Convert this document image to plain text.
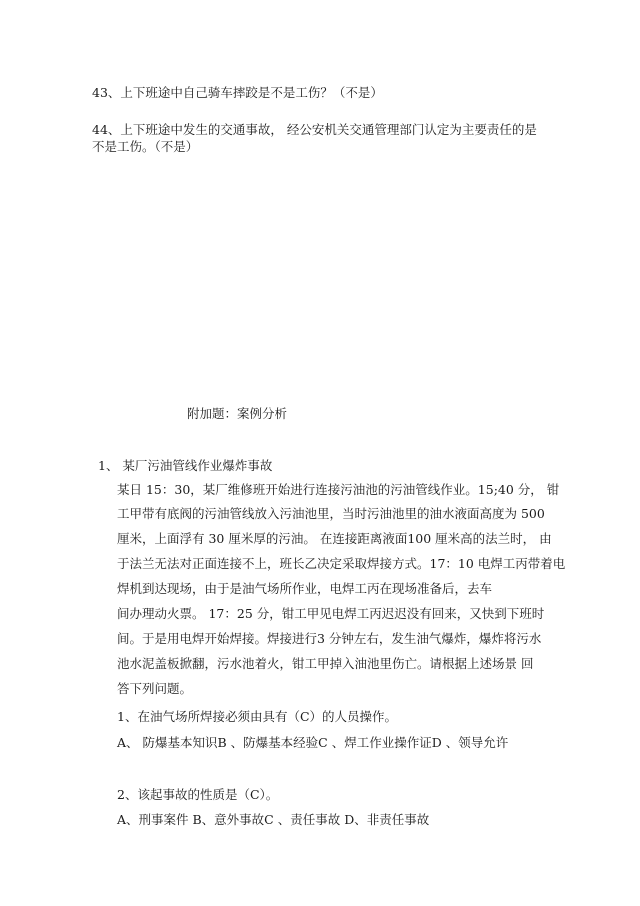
43、上下班途中自己骑车摔跤是不是工伤？（不是）
44、上下班途中发生的交通事故， 经公安机关交通管理部门认定为主要责任的是
不是工伤。（不是）
附加题：案例分析
1、 某厂污油管线作业爆炸事故
某日 15：30，某厂维修班开始进行连接污油池的污油管线作业。15;40 分， 钳
工甲带有底阀的污油管线放入污油池里，当时污油池里的油水液面高度为 500
厘米，上面浮有 30 厘米厚的污油。 在连接距离液面100 厘米高的法兰时， 由
于法兰无法对正面连接不上，班长乙决定采取焊接方式。17：10 电焊工丙带着电
焊机到达现场，由于是油气场所作业，电焊工丙在现场准备后，去车
间办理动火票。 17：25 分，钳工甲见电焊工丙迟迟没有回来，又快到下班时
间。于是用电焊开始焊接。焊接进行3 分钟左右，发生油气爆炸，爆炸将污水
池水泥盖板掀翻，污水池着火，钳工甲掉入油池里伤亡。请根据上述场景 回
答下列问题。
1、在油气场所焊接必须由具有（C）的人员操作。
A、 防爆基本知识B 、防爆基本经验C 、焊工作业操作证D 、领导允许
2、该起事故的性质是（C）。
A、刑事案件 B、意外事故C 、责任事故 D、非责任事故
